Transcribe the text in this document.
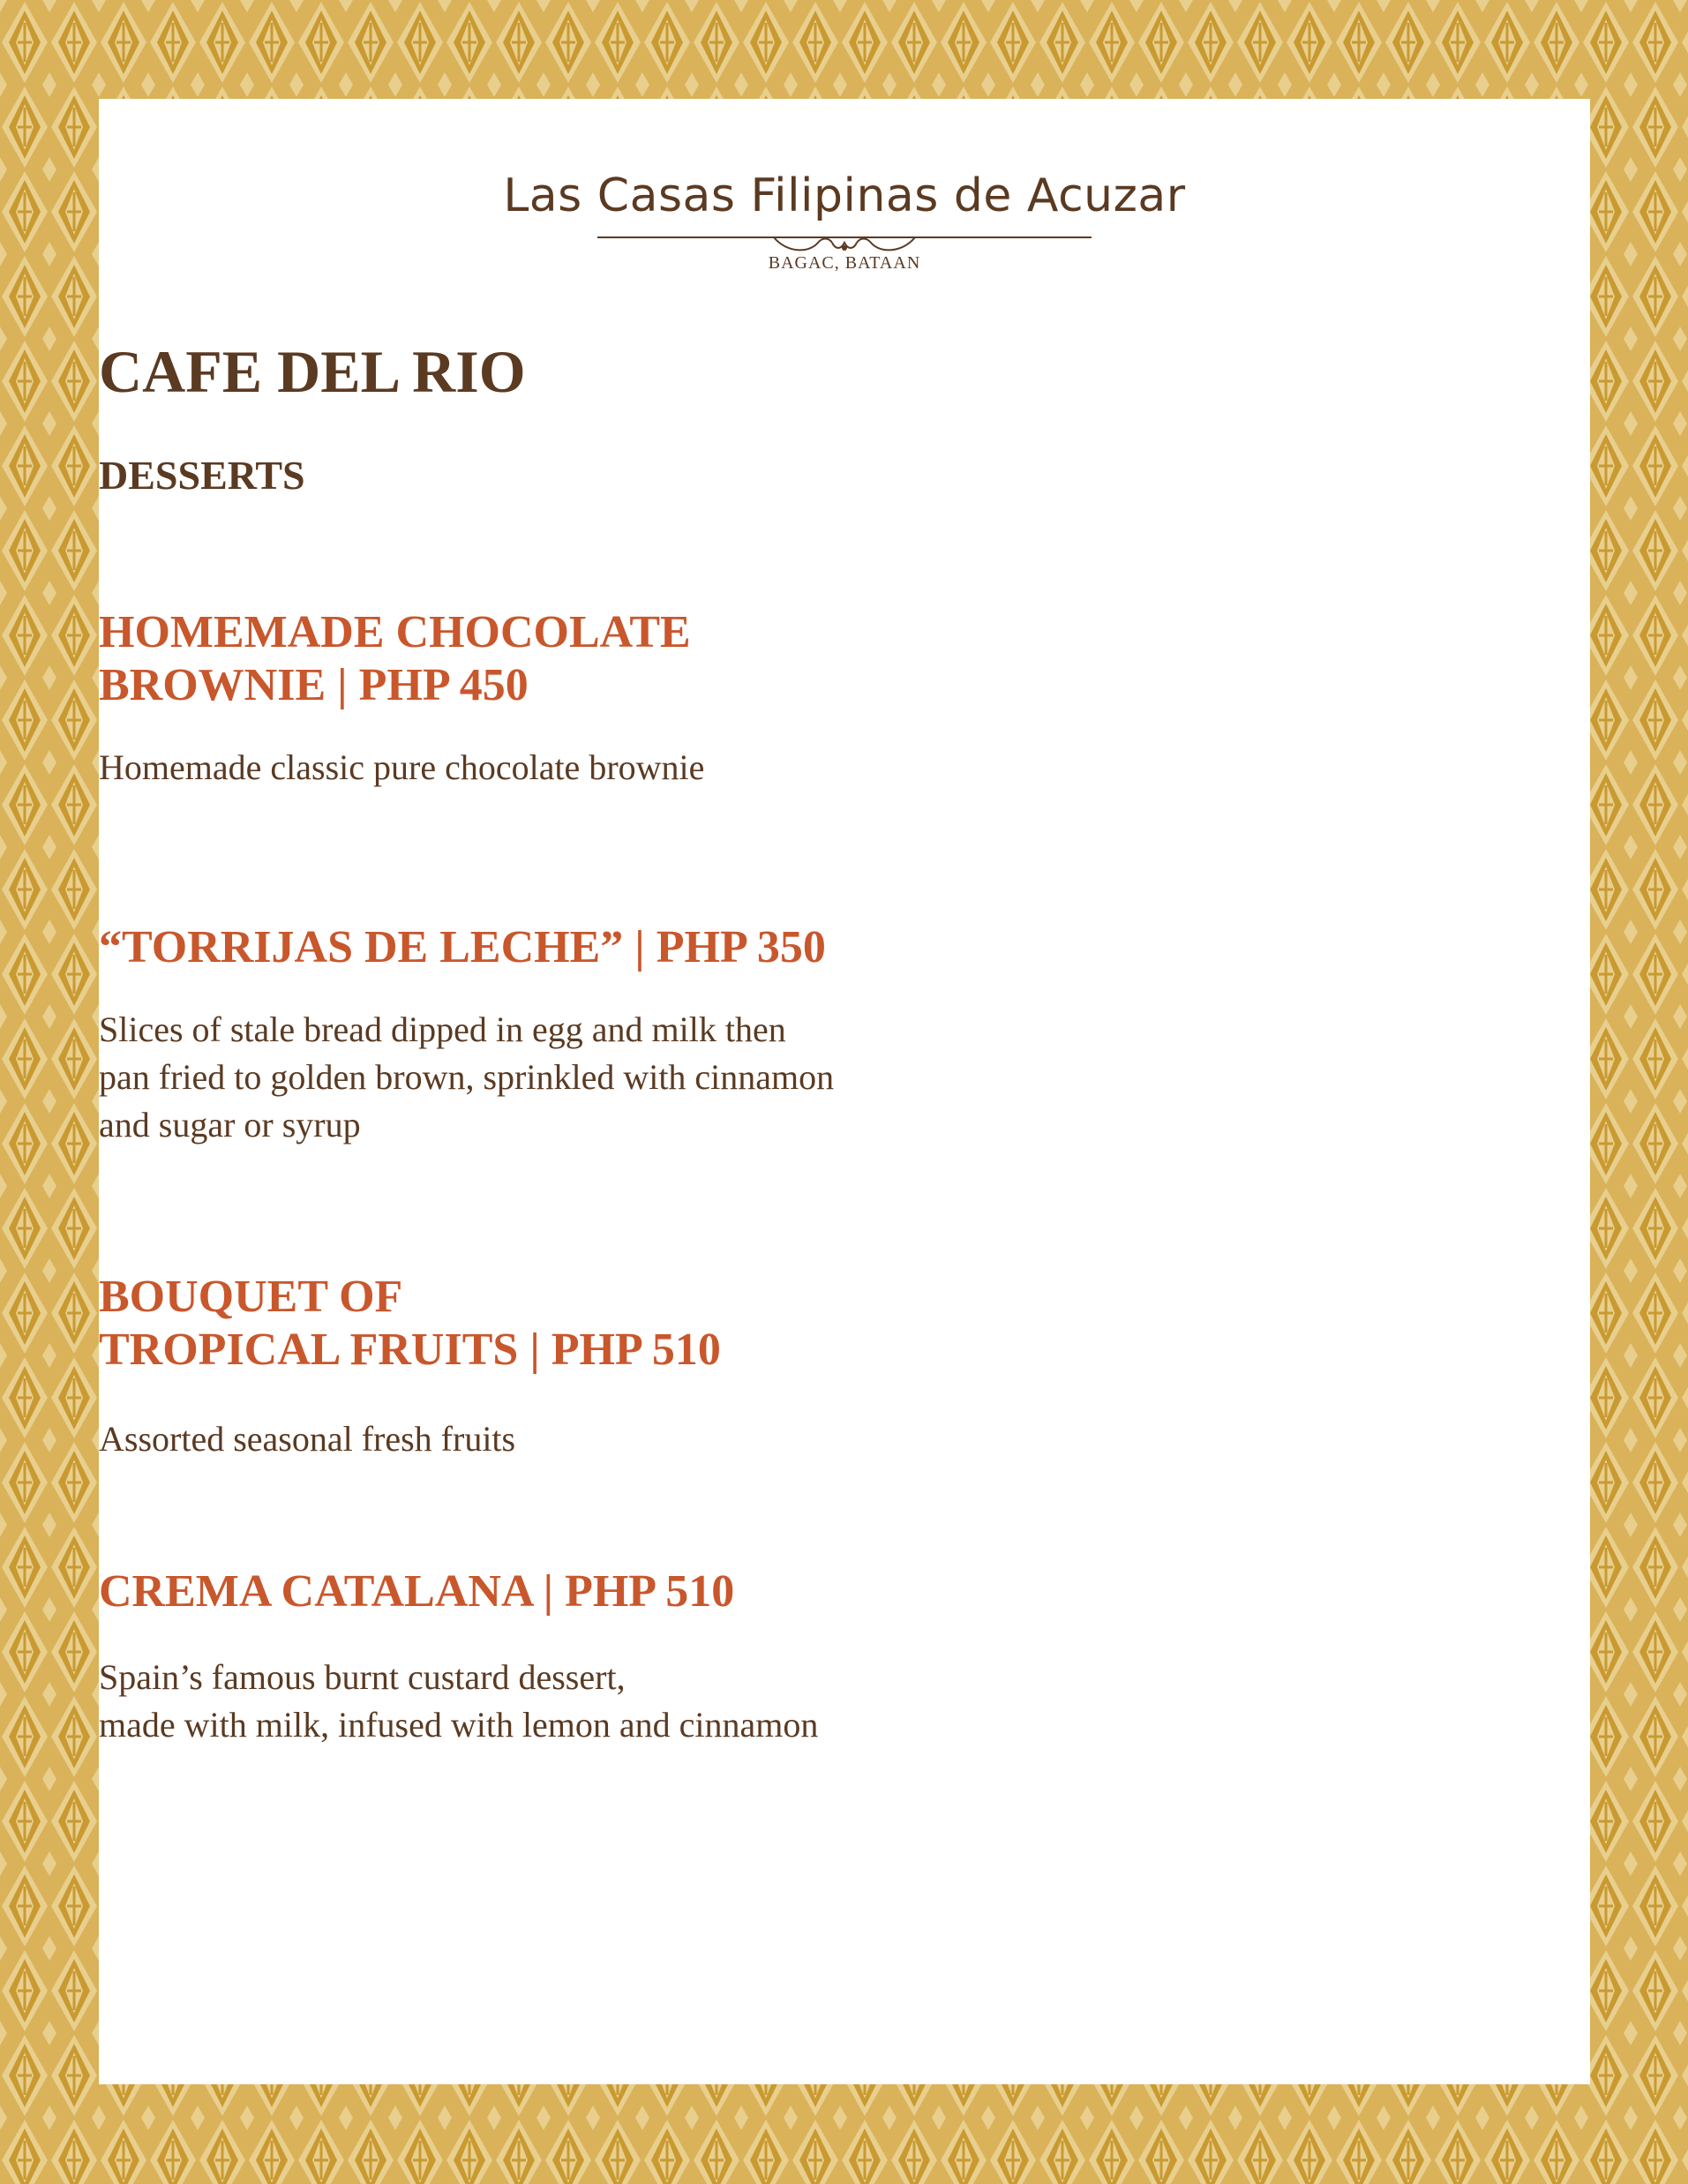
Las Casas Filipinas de Acuzar
BAGAC, BATAAN
CAFE DEL RIO
DESSERTS
HOMEMADE CHOCOLATE
BROWNIE | PHP 450
Homemade classic pure chocolate brownie
“TORRIJAS DE LECHE” | PHP 350
Slices of stale bread dipped in egg and milk then
pan fried to golden brown, sprinkled with cinnamon
and sugar or syrup
BOUQUET OF
TROPICAL FRUITS | PHP 510
Assorted seasonal fresh fruits
CREMA CATALANA | PHP 510
Spain’s famous burnt custard dessert,
made with milk, infused with lemon and cinnamon
